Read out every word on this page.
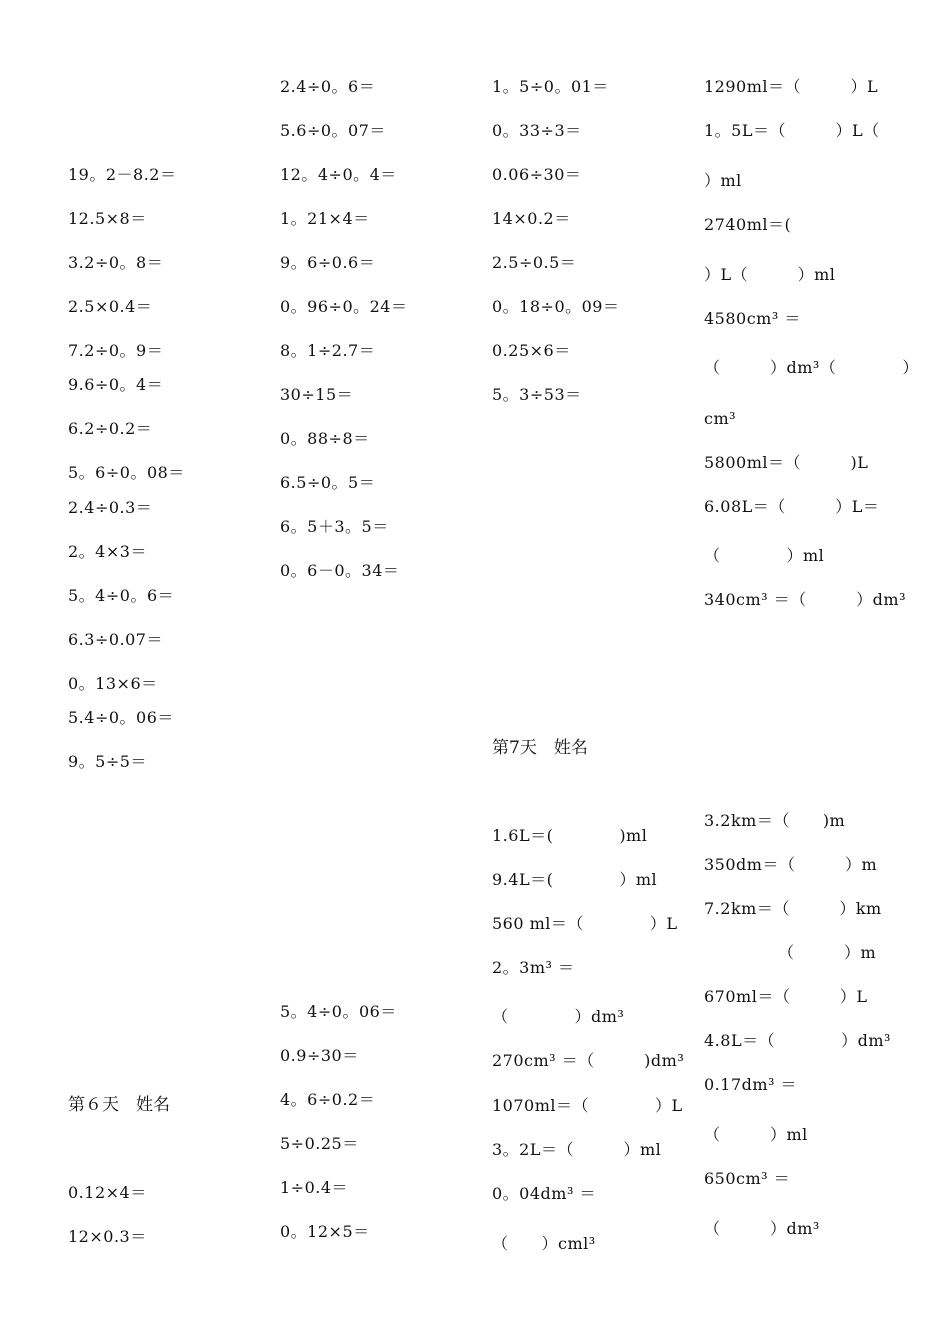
19。2－8.2＝
12.5×8＝
3.2÷0。8＝
2.5×0.4＝
7.2÷0。9＝
9.6÷0。4＝
6.2÷0.2＝
5。6÷0。08＝
2.4÷0.3＝
2。4×3＝
5。4÷0。6＝
6.3÷0.07＝
0。13×6＝
5.4÷0。06＝
9。5÷5＝
2.4÷0。6＝
5.6÷0。07＝
12。4÷0。4＝
1。21×4＝
9。6÷0.6＝
0。96÷0。24＝
8。1÷2.7＝
30÷15＝
0。88÷8＝
6.5÷0。5＝
6。5＋3。5＝
0。6－0。34＝
1。5÷0。01＝
0。33÷3＝
0.06÷30＝
14×0.2＝
2.5÷0.5＝
0。18÷0。09＝
0.25×6＝
5。3÷53＝
1290ml＝（　　　）L
1。5L＝（　　　）L（
）ml
2740ml＝(
）L（　　　）ml
4580cm³ ＝
（　　　）dm³（　　　　）
cm³
5800ml＝（　　　)L
6.08L＝（　　　）L＝
（　　　　）ml
340cm³ ＝（　　　）dm³
第7天　姓名
1.6L＝(　　　　)ml
9.4L＝(　　　　）ml
560 ml＝（　　　　）L
2。3m³ ＝
（　　　　）dm³
270cm³ ＝（　　　)dm³
1070ml＝（　　　　）L
3。2L＝（　　　）ml
0。04dm³ ＝
（　　）cml³
3.2km＝（　　)m
350dm＝（　　　）m
7.2km＝（　　　）km
（　　　）m
670ml＝（　　　）L
4.8L＝（　　　　）dm³
0.17dm³ ＝
（　　　）ml
650cm³ ＝
（　　　）dm³
5。4÷0。06＝
0.9÷30＝
4。6÷0.2＝
5÷0.25＝
1÷0.4＝
0。12×5＝
第６天　姓名
0.12×4＝
12×0.3＝
